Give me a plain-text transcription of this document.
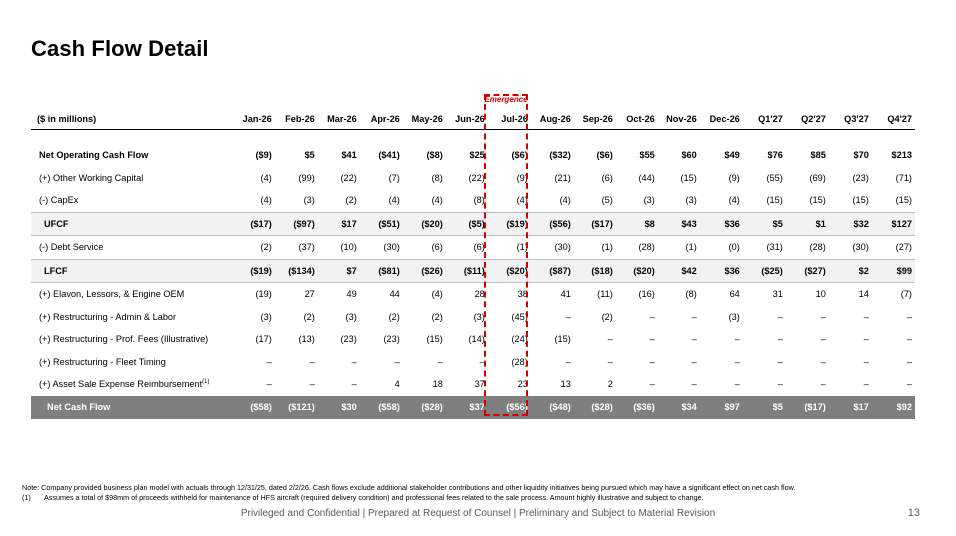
Cash Flow Detail
($ in millions)	Jan-26	Feb-26	Mar-26	Apr-26	May-26	Jun-26	Jul-26	Aug-26	Sep-26	Oct-26	Nov-26	Dec-26	Q1'27	Q2'27	Q3'27	Q4'27

Net Operating Cash Flow	($9)	$5	$41	($41)	($8)	$25	($6)	($32)	($6)	$55	$60	$49	$76	$85	$70	$213
(+) Other Working Capital	(4)	(99)	(22)	(7)	(8)	(22)	(9)	(21)	(6)	(44)	(15)	(9)	(55)	(69)	(23)	(71)
(-) CapEx	(4)	(3)	(2)	(4)	(4)	(8)	(4)	(4)	(5)	(3)	(3)	(4)	(15)	(15)	(15)	(15)
UFCF	($17)	($97)	$17	($51)	($20)	($5)	($19)	($56)	($17)	$8	$43	$36	$5	$1	$32	$127
(-) Debt Service	(2)	(37)	(10)	(30)	(6)	(6)	(1)	(30)	(1)	(28)	(1)	(0)	(31)	(28)	(30)	(27)
LFCF	($19)	($134)	$7	($81)	($26)	($11)	($20)	($87)	($18)	($20)	$42	$36	($25)	($27)	$2	$99
(+) Elavon, Lessors, & Engine OEM	(19)	27	49	44	(4)	28	38	41	(11)	(16)	(8)	64	31	10	14	(7)
(+) Restructuring - Admin & Labor	(3)	(2)	(3)	(2)	(2)	(3)	(45)	–	(2)	–	–	(3)	–	–	–	–
(+) Restructuring - Prof. Fees (Illustrative)	(17)	(13)	(23)	(23)	(15)	(14)	(24)	(15)	–	–	–	–	–	–	–	–
(+) Restructuring - Fleet Timing	–	–	–	–	–	–	(28)	–	–	–	–	–	–	–	–	–
(+) Asset Sale Expense Reimbursement$^{(1)}$	–	–	–	4	18	37	23	13	2	–	–	–	–	–	–	–
Net Cash Flow	($58)	($121)	$30	($58)	($28)	$37	($56)	($48)	($28)	($36)	$34	$97	$5	($17)	$17	$92
Emergence
Note: Company provided business plan model with actuals through 12/31/25, dated 2/2/26. Cash flows exclude additional stakeholder contributions and other liquidity initiatives being pursued which may have a significant effect on net cash flow.
(1)	Assumes a total of $98mm of proceeds withheld for maintenance of HFS aircraft (required delivery condition) and professional fees related to the sale process. Amount highly illustrative and subject to change.
Privileged and Confidential | Prepared at Request of Counsel | Preliminary and Subject to Material Revision	13
